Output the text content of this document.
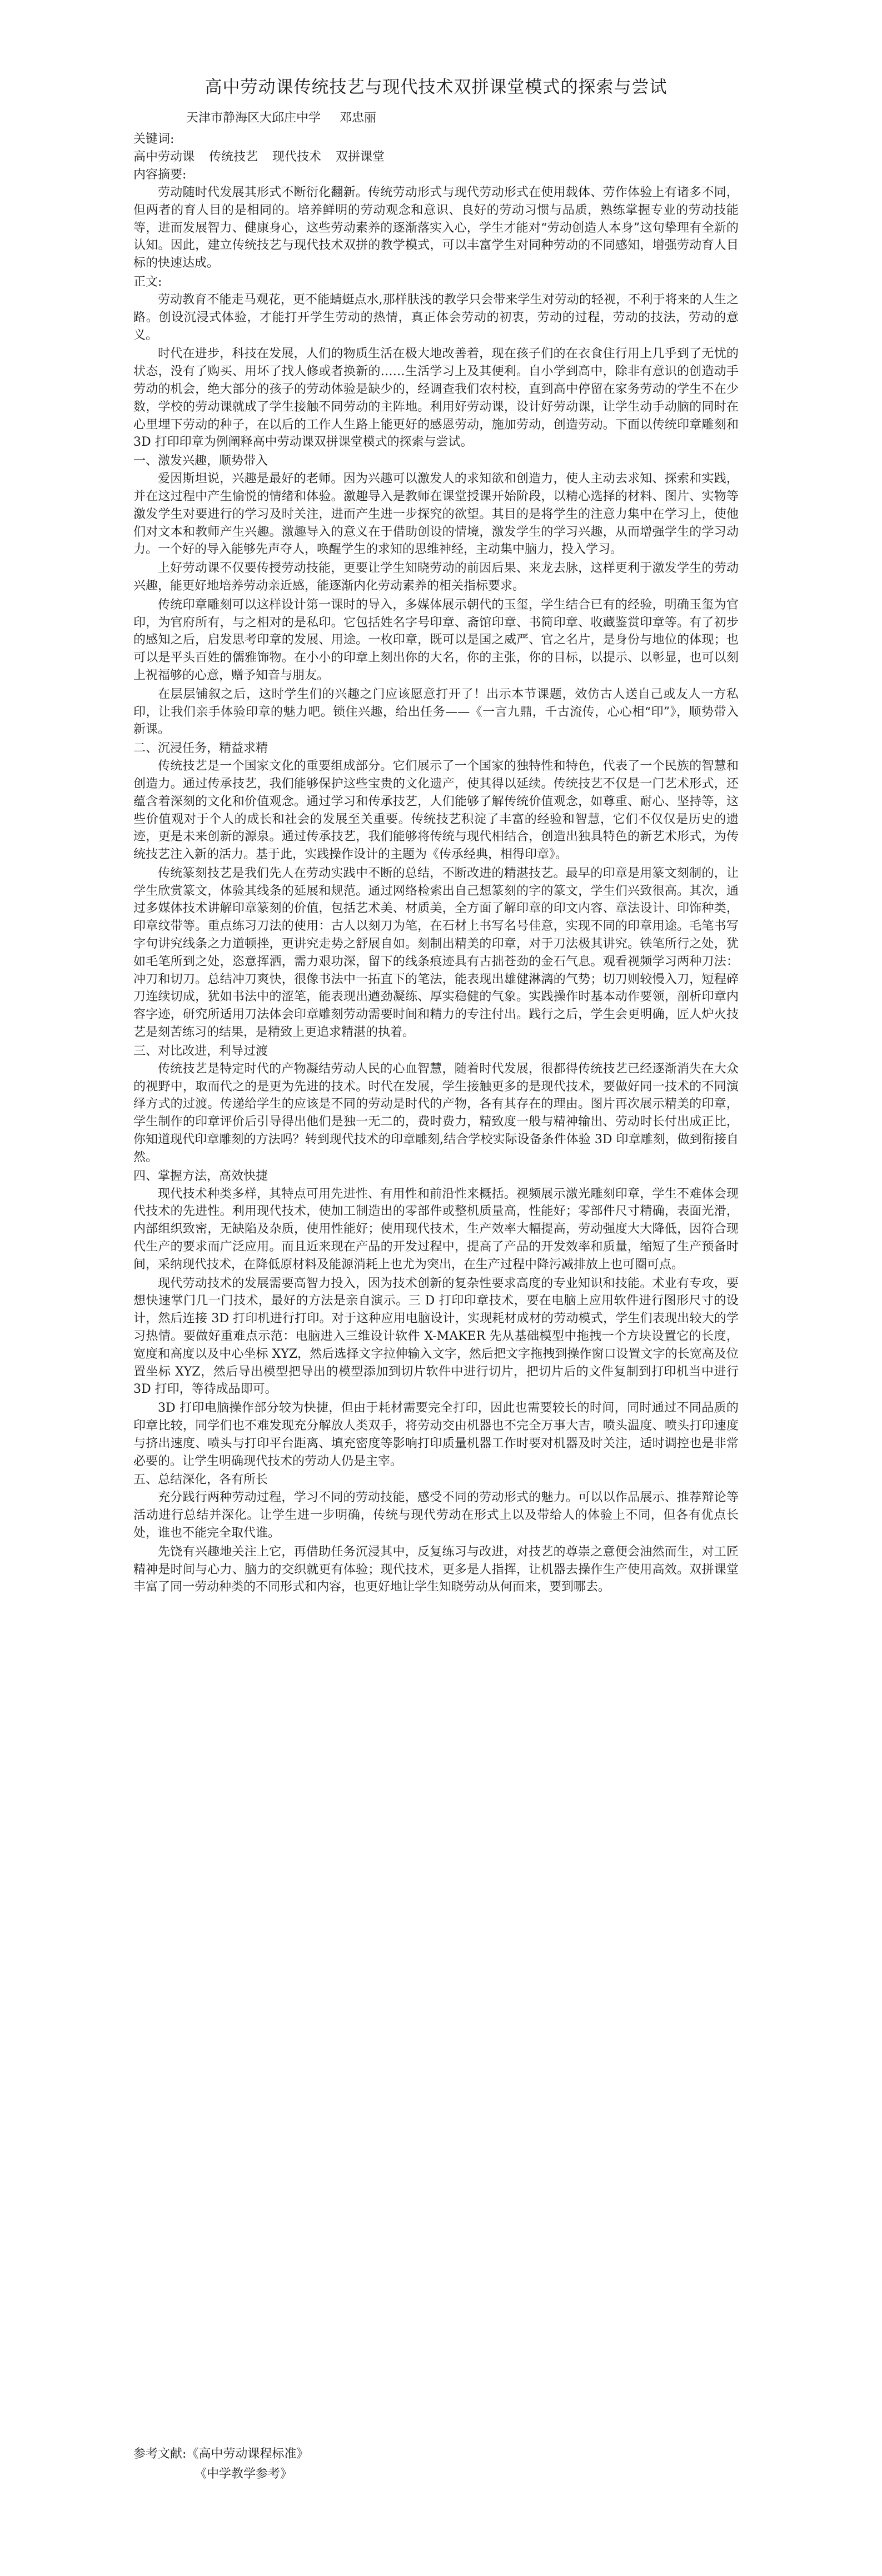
高中劳动课传统技艺与现代技术双拼课堂模式的探索与尝试
天津市静海区大邱庄中学 邓忠丽
关键词:
高中劳动课 传统技艺 现代技术 双拼课堂
内容摘要:

劳动随时代发展其形式不断衍化翻新。传统劳动形式与现代劳动形式在使用载体、劳作体验上有诸多不同，但两者的育人目的是相同的。培养鲜明的劳动观念和意识、良好的劳动习惯与品质，熟练掌握专业的劳动技能等，进而发展智力、健康身心，这些劳动素养的逐渐落实入心，学生才能对“劳动创造人本身”这句挚理有全新的认知。因此，建立传统技艺与现代技术双拼的教学模式，可以丰富学生对同种劳动的不同感知，增强劳动育人目标的快速达成。

正文:

劳动教育不能走马观花，更不能蜻蜓点水,那样肤浅的教学只会带来学生对劳动的轻视，不利于将来的人生之路。创设沉浸式体验，才能打开学生劳动的热情，真正体会劳动的初衷，劳动的过程，劳动的技法，劳动的意义。

时代在进步，科技在发展，人们的物质生活在极大地改善着，现在孩子们的在衣食住行用上几乎到了无忧的状态，没有了购买、用坏了找人修或者换新的……生活学习上及其便利。自小学到高中，除非有意识的创造动手劳动的机会，绝大部分的孩子的劳动体验是缺少的，经调查我们农村校，直到高中停留在家务劳动的学生不在少数，学校的劳动课就成了学生接触不同劳动的主阵地。利用好劳动课，设计好劳动课，让学生动手动脑的同时在心里埋下劳动的种子，在以后的工作人生路上能更好的感恩劳动，施加劳动，创造劳动。下面以传统印章雕刻和 3D 打印印章为例阐释高中劳动课双拼课堂模式的探索与尝试。

一、激发兴趣，顺势带入

爱因斯坦说，兴趣是最好的老师。因为兴趣可以激发人的求知欲和创造力，使人主动去求知、探索和实践，并在这过程中产生愉悦的情绪和体验。激趣导入是教师在课堂授课开始阶段，以精心选择的材料、图片、实物等激发学生对要进行的学习及时关注，进而产生进一步探究的欲望。其目的是将学生的注意力集中在学习上，使他们对文本和教师产生兴趣。激趣导入的意义在于借助创设的情境，激发学生的学习兴趣，从而增强学生的学习动力。一个好的导入能够先声夺人，唤醒学生的求知的思维神经，主动集中脑力，投入学习。

上好劳动课不仅要传授劳动技能，更要让学生知晓劳动的前因后果、来龙去脉，这样更利于激发学生的劳动兴趣，能更好地培养劳动亲近感，能逐渐内化劳动素养的相关指标要求。

传统印章雕刻可以这样设计第一课时的导入，多媒体展示朝代的玉玺，学生结合已有的经验，明确玉玺为官印，为官府所有，与之相对的是私印。它包括姓名字号印章、斋馆印章、书简印章、收藏鉴赏印章等。有了初步的感知之后，启发思考印章的发展、用途。一枚印章，既可以是国之威严、官之名片，是身份与地位的体现；也可以是平头百姓的儒雅饰物。在小小的印章上刻出你的大名，你的主张，你的目标，以提示、以彰显，也可以刻上祝福够的心意，赠予知音与朋友。

在层层铺叙之后，这时学生们的兴趣之门应该愿意打开了！出示本节课题，效仿古人送自己或友人一方私印，让我们亲手体验印章的魅力吧。锁住兴趣，给出任务——《一言九鼎，千古流传，心心相“印”》，顺势带入新课。

二、沉浸任务，精益求精

传统技艺是一个国家文化的重要组成部分。它们展示了一个国家的独特性和特色，代表了一个民族的智慧和创造力。通过传承技艺，我们能够保护这些宝贵的文化遗产，使其得以延续。传统技艺不仅是一门艺术形式，还蕴含着深刻的文化和价值观念。通过学习和传承技艺，人们能够了解传统价值观念，如尊重、耐心、坚持等，这些价值观对于个人的成长和社会的发展至关重要。传统技艺积淀了丰富的经验和智慧，它们不仅仅是历史的遗迹，更是未来创新的源泉。通过传承技艺，我们能够将传统与现代相结合，创造出独具特色的新艺术形式，为传统技艺注入新的活力。基于此，实践操作设计的主题为《传承经典，相得印章》。

传统篆刻技艺是我们先人在劳动实践中不断的总结，不断改进的精湛技艺。最早的印章是用篆文刻制的，让学生欣赏篆文，体验其线条的延展和规范。通过网络检索出自己想篆刻的字的篆文，学生们兴致很高。其次，通过多媒体技术讲解印章篆刻的价值，包括艺术美、材质美，全方面了解印章的印文内容、章法设计、印饰种类，印章纹带等。重点练习刀法的使用：古人以刻刀为笔，在石材上书写名号佳意，实现不同的印章用途。毛笔书写字句讲究线条之力道顿挫，更讲究走势之舒展自如。刻制出精美的印章，对于刀法极其讲究。铁笔所行之处，犹如毛笔所到之处，恣意挥洒，需力艰功深，留下的线条痕迹具有古拙苍劲的金石气息。观看视频学习两种刀法：冲刀和切刀。总结冲刀爽快，很像书法中一拓直下的笔法，能表现出雄健淋漓的气势；切刀则较慢入刀，短程碎刀连续切成，犹如书法中的涩笔，能表现出遒劲凝练、厚实稳健的气象。实践操作时基本动作要领，剖析印章内容字迹，研究所适用刀法体会印章雕刻劳动需要时间和精力的专注付出。践行之后，学生会更明确，匠人炉火技艺是刻苦练习的结果，是精致上更追求精湛的执着。

三、对比改进，利导过渡

传统技艺是特定时代的产物凝结劳动人民的心血智慧，随着时代发展，很都得传统技艺已经逐渐消失在大众的视野中，取而代之的是更为先进的技术。时代在发展，学生接触更多的是现代技术，要做好同一技术的不同演绎方式的过渡。传递给学生的应该是不同的劳动是时代的产物，各有其存在的理由。图片再次展示精美的印章，学生制作的印章评价后引导得出他们是独一无二的，费时费力，精致度一般与精神输出、劳动时长付出成正比，你知道现代印章雕刻的方法吗？转到现代技术的印章雕刻,结合学校实际设备条件体验 3D 印章雕刻，做到衔接自然。

四、掌握方法，高效快捷

现代技术种类多样，其特点可用先进性、有用性和前沿性来概括。视频展示激光雕刻印章，学生不难体会现代技术的先进性。利用现代技术，使加工制造出的零部件或整机质量高，性能好；零部件尺寸精确，表面光滑，内部组织致密，无缺陷及杂质，使用性能好；使用现代技术，生产效率大幅提高，劳动强度大大降低，因符合现代生产的要求而广泛应用。而且近来现在产品的开发过程中，提高了产品的开发效率和质量，缩短了生产预备时间，采纳现代技术，在降低原材料及能源消耗上也尤为突出，在生产过程中降污减排放上也可圈可点。

现代劳动技术的发展需要高智力投入，因为技术创新的复杂性要求高度的专业知识和技能。术业有专攻，要想快速掌门几一门技术，最好的方法是亲自演示。三 D 打印印章技术，要在电脑上应用软件进行图形尺寸的设计，然后连接 3D 打印机进行打印。对于这种应用电脑设计，实现耗材成材的劳动模式，学生们表现出较大的学习热情。要做好重难点示范：电脑进入三维设计软件 X-MAKER 先从基础模型中拖拽一个方块设置它的长度，宽度和高度以及中心坐标 XYZ，然后选择文字拉伸输入文字，然后把文字拖拽到操作窗口设置文字的长宽高及位置坐标 XYZ，然后导出模型把导出的模型添加到切片软件中进行切片，把切片后的文件复制到打印机当中进行 3D 打印，等待成品即可。

3D 打印电脑操作部分较为快捷，但由于耗材需要完全打印，因此也需要较长的时间，同时通过不同品质的印章比较，同学们也不难发现充分解放人类双手，将劳动交由机器也不完全万事大吉，喷头温度、喷头打印速度与挤出速度、喷头与打印平台距离、填充密度等影响打印质量机器工作时要对机器及时关注，适时调控也是非常必要的。让学生明确现代技术的劳动人仍是主宰。

五、总结深化，各有所长

充分践行两种劳动过程，学习不同的劳动技能，感受不同的劳动形式的魅力。可以以作品展示、推荐辩论等活动进行总结并深化。让学生进一步明确，传统与现代劳动在形式上以及带给人的体验上不同，但各有优点长处，谁也不能完全取代谁。

先饶有兴趣地关注上它，再借助任务沉浸其中，反复练习与改进，对技艺的尊崇之意便会油然而生，对工匠精神是时间与心力、脑力的交织就更有体验；现代技术，更多是人指挥，让机器去操作生产使用高效。双拼课堂丰富了同一劳动种类的不同形式和内容，也更好地让学生知晓劳动从何而来，要到哪去。

参考文献:《高中劳动课程标准》
《中学教学参考》
